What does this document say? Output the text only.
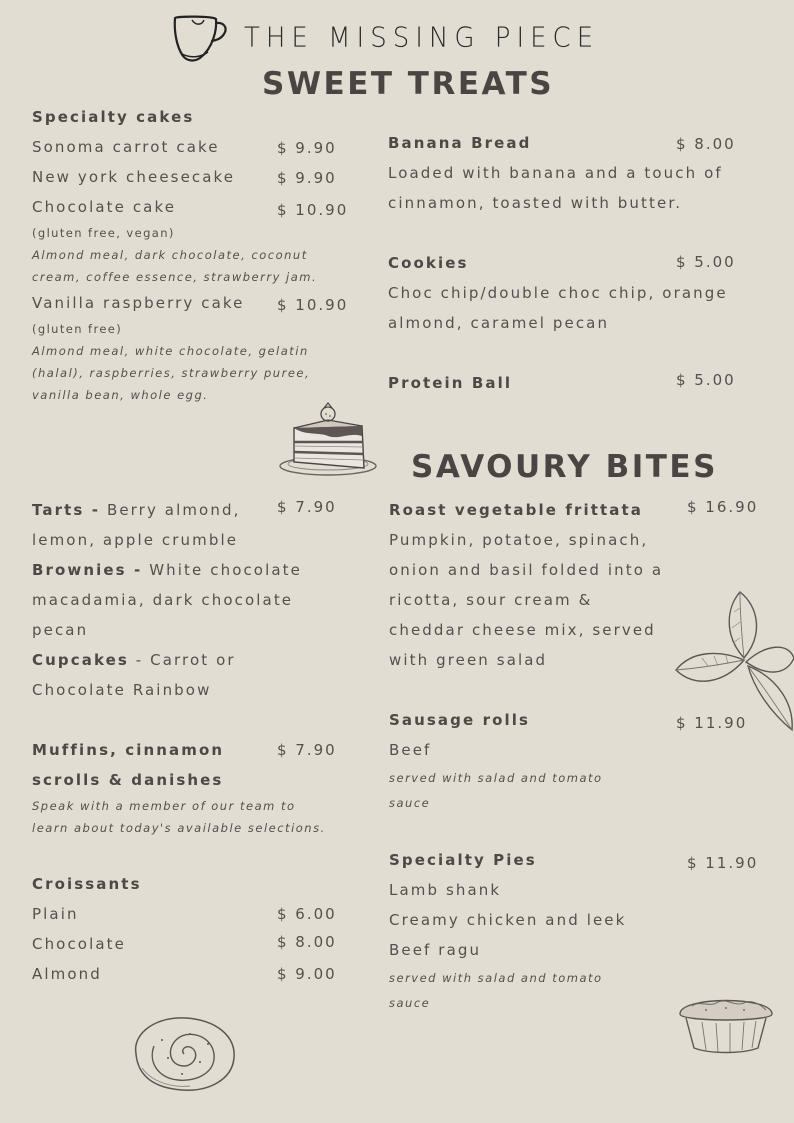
THE MISSING PIECE
SWEET TREATS
Specialty cakes
Sonoma carrot cake	$ 9.90
New york cheesecake	$ 9.90
Chocolate cake	$ 10.90
(gluten free, vegan)
Almond meal, dark chocolate, coconut
cream, coffee essence, strawberry jam.
Vanilla raspberry cake $ 10.90
(gluten free)
Almond meal, white chocolate, gelatin
(halal), raspberries, strawberry puree,
vanilla bean, whole egg.
Tarts - Berry almond, $ 7.90
lemon, apple crumble
Brownies - White chocolate
macadamia, dark chocolate
pecan
Cupcakes - Carrot or
Chocolate Rainbow
Muffins, cinnamon	$ 7.90
scrolls & danishes
Speak with a member of our team to
learn about today's available selections.
Croissants
Plain	$ 6.00
Chocolate	$ 8.00
Almond	$ 9.00
Banana Bread	$ 8.00
Loaded with banana and a touch of
cinnamon, toasted with butter.
Cookies	$ 5.00
Choc chip/double choc chip, orange
almond, caramel pecan
Protein Ball	$ 5.00
SAVOURY BITES
Roast vegetable frittata	$ 16.90
Pumpkin, potatoe, spinach,
onion and basil folded into a
ricotta, sour cream &
cheddar cheese mix, served
with green salad
Sausage rolls	$ 11.90
Beef
served with salad and tomato
sauce
Specialty Pies	$ 11.90
Lamb shank
Creamy chicken and leek
Beef ragu
served with salad and tomato
sauce
